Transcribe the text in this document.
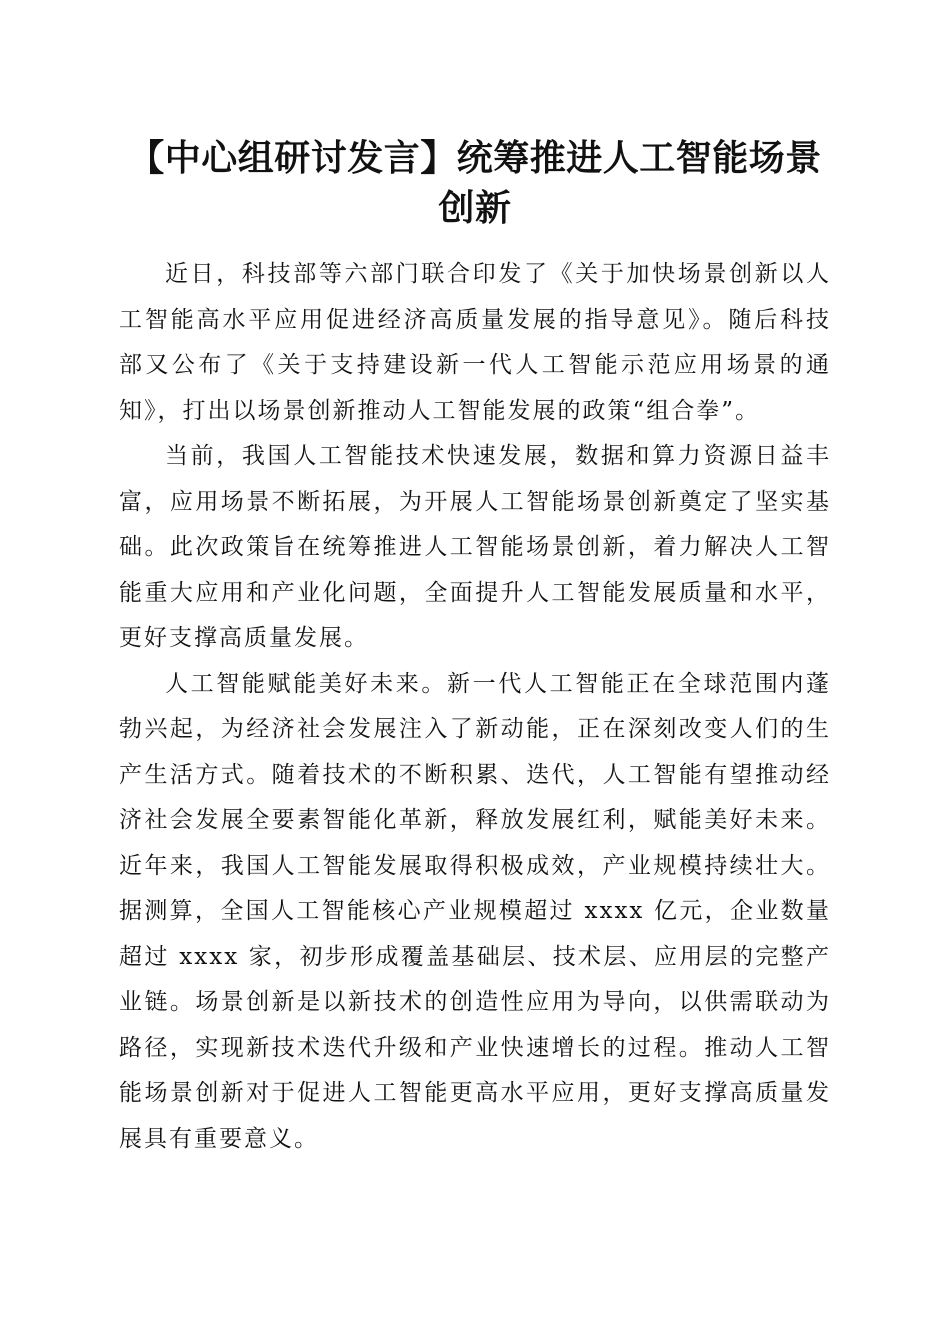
【中心组研讨发言】统筹推进人工智能场景创新

近日，科技部等六部门联合印发了《关于加快场景创新以人工智能高水平应用促进经济高质量发展的指导意见》。随后科技部又公布了《关于支持建设新一代人工智能示范应用场景的通知》，打出以场景创新推动人工智能发展的政策“组合拳”。

当前，我国人工智能技术快速发展，数据和算力资源日益丰富，应用场景不断拓展，为开展人工智能场景创新奠定了坚实基础。此次政策旨在统筹推进人工智能场景创新，着力解决人工智能重大应用和产业化问题，全面提升人工智能发展质量和水平，更好支撑高质量发展。

人工智能赋能美好未来。新一代人工智能正在全球范围内蓬勃兴起，为经济社会发展注入了新动能，正在深刻改变人们的生产生活方式。随着技术的不断积累、迭代，人工智能有望推动经济社会发展全要素智能化革新，释放发展红利，赋能美好未来。近年来，我国人工智能发展取得积极成效，产业规模持续壮大。据测算，全国人工智能核心产业规模超过 xxxx 亿元，企业数量超过 xxxx 家，初步形成覆盖基础层、技术层、应用层的完整产业链。场景创新是以新技术的创造性应用为导向，以供需联动为路径，实现新技术迭代升级和产业快速增长的过程。推动人工智能场景创新对于促进人工智能更高水平应用，更好支撑高质量发展具有重要意义。
